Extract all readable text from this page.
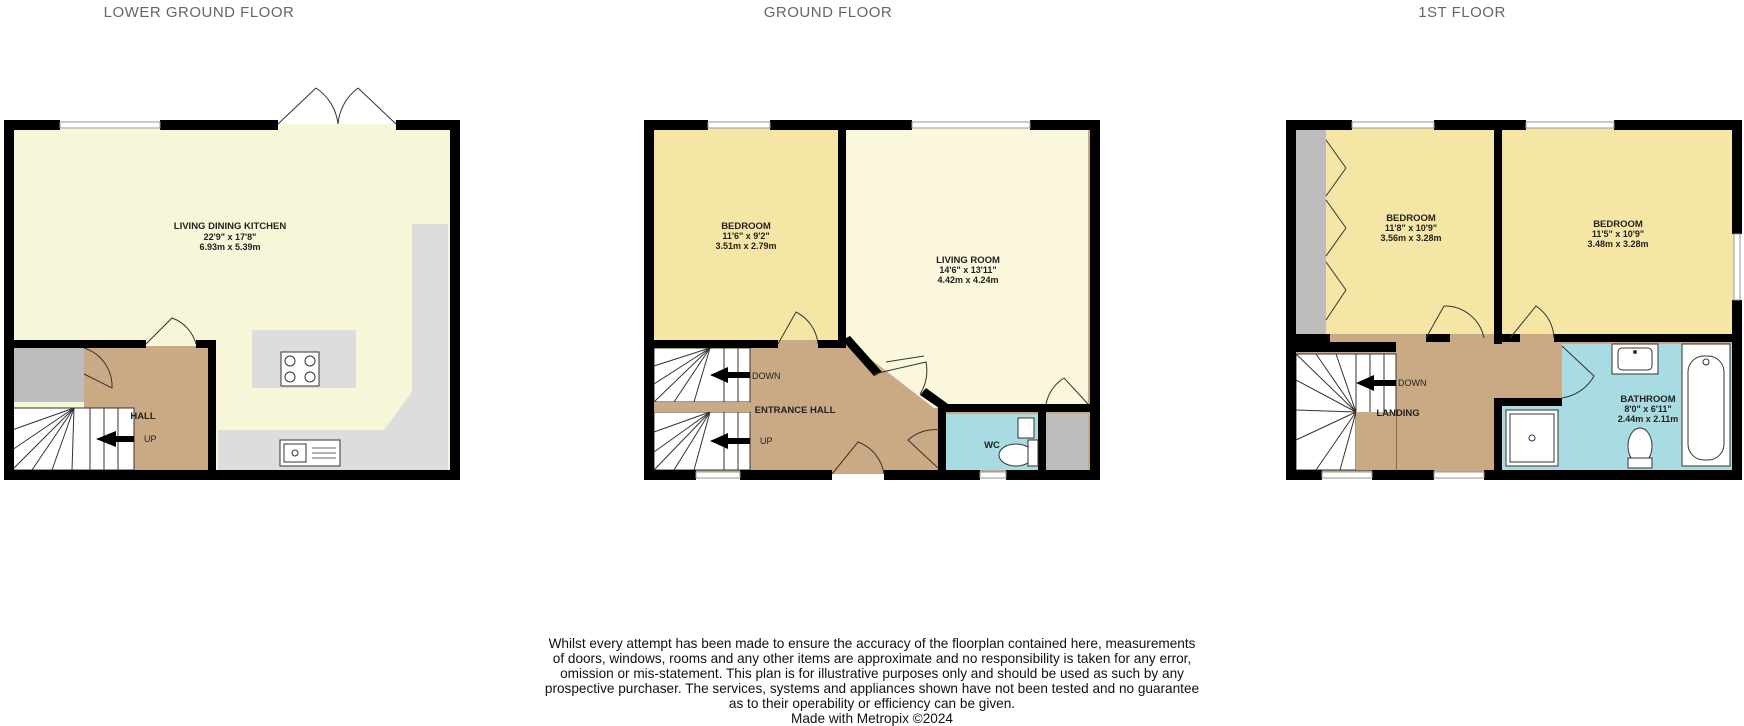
LOWER GROUND FLOOR	GROUND FLOOR	1ST FLOOR
LIVING DINING KITCHEN
22'9" x 17'8"
6.93m x 5.39m
HALL
UP
BEDROOM
11'6" x 9'2"
3.51m x 2.79m
LIVING ROOM
14'6" x 13'11"
4.42m x 4.24m
ENTRANCE HALL
DOWN
UP	WC
BEDROOM
11'8" x 10'9"
3.56m x 3.28m
BEDROOM
11'5" x 10'9"
3.48m x 3.28m
BATHROOM
8'0" x 6'11"
2.44m x 2.11m
LANDING
DOWN
Whilst every attempt has been made to ensure the accuracy of the floorplan contained here, measurements
of doors, windows, rooms and any other items are approximate and no responsibility is taken for any error,
omission or mis-statement. This plan is for illustrative purposes only and should be used as such by any
prospective purchaser. The services, systems and appliances shown have not been tested and no guarantee
as to their operability or efficiency can be given.
Made with Metropix ©2024
